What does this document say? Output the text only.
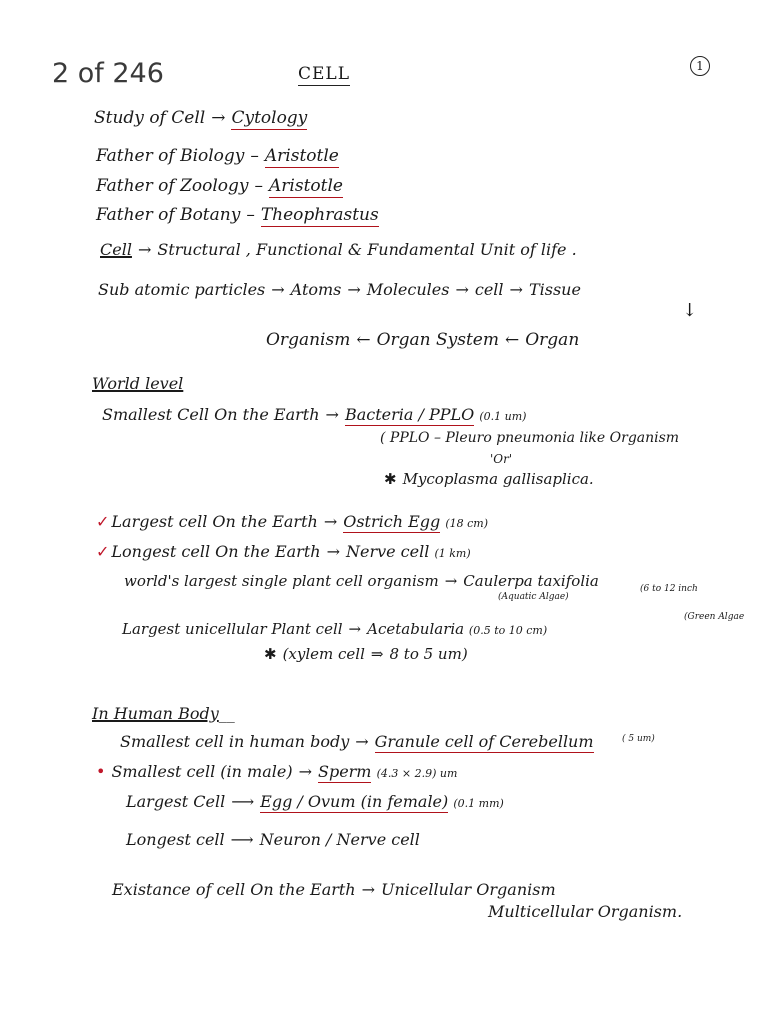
2 of 246	CELL	1
Study of Cell → Cytology
Father of Biology – Aristotle
Father of Zoology – Aristotle
Father of Botany – Theophrastus
Cell → Structural , Functional & Fundamental Unit of life .
Sub atomic particles → Atoms → Molecules → cell → Tissue
↓
Organism ← Organ System ← Organ
World level
Smallest Cell On the Earth → Bacteria / PPLO (0.1 um)
( PPLO – Pleuro pneumonia like Organism
'Or'
✱ Mycoplasma gallisaplica.
✓ Largest cell On the Earth → Ostrich Egg (18 cm)
✓ Longest cell On the Earth → Nerve cell (1 km)
world's largest single plant cell organism → Caulerpa taxifolia
(Aquatic Algae)
(6 to 12 inch
Largest unicellular Plant cell → Acetabularia (0.5 to 10 cm)
(Green Algae
✱ (xylem cell ⇒ 8 to 5 um)
In Human Body__
Smallest cell in human body → Granule cell of Cerebellum	( 5 um)
• Smallest cell (in male) → Sperm (4.3 × 2.9) um
Largest Cell ⟶ Egg / Ovum (in female) (0.1 mm)
Longest cell ⟶ Neuron / Nerve cell
Existance of cell On the Earth → Unicellular Organism
Multicellular Organism.
